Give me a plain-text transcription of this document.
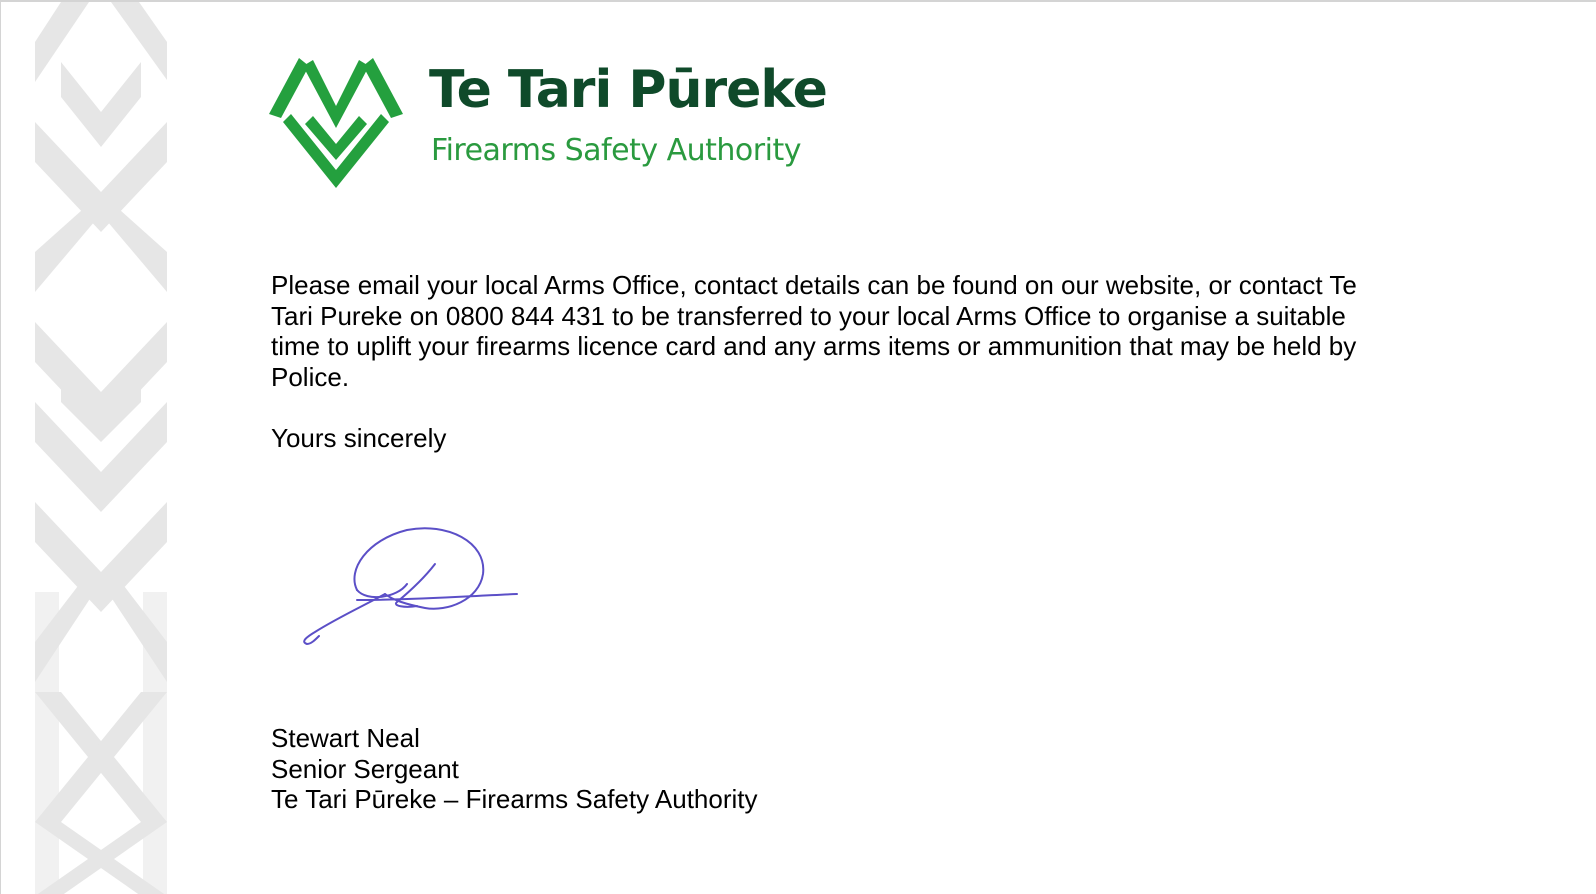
Te Tari Pūreke
Firearms Safety Authority

Please email your local Arms Office, contact details can be found on our website, or contact Te Tari Pureke on 0800 844 431 to be transferred to your local Arms Office to organise a suitable time to uplift your firearms licence card and any arms items or ammunition that may be held by Police.

Yours sincerely

Stewart Neal
Senior Sergeant
Te Tari Pūreke – Firearms Safety Authority
